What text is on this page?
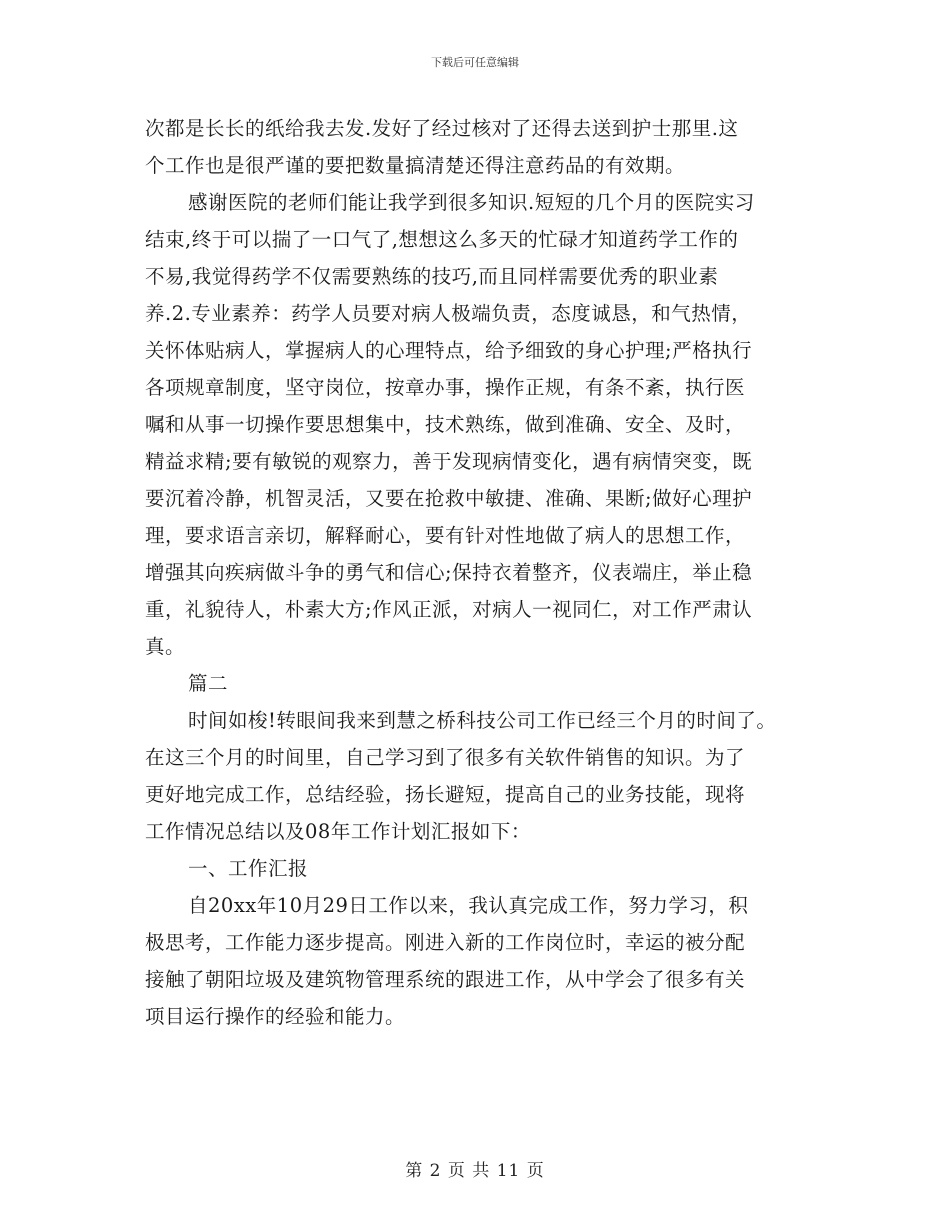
下载后可任意编辑
次都是长长的纸给我去发.发好了经过核对了还得去送到护士那里.这
个工作也是很严谨的要把数量搞清楚还得注意药品的有效期。
感谢医院的老师们能让我学到很多知识.短短的几个月的医院实习
结束,终于可以揣了一口气了,想想这么多天的忙碌才知道药学工作的
不易,我觉得药学不仅需要熟练的技巧,而且同样需要优秀的职业素
养.2.专业素养：药学人员要对病人极端负责，态度诚恳，和气热情，
关怀体贴病人，掌握病人的心理特点，给予细致的身心护理;严格执行
各项规章制度，坚守岗位，按章办事，操作正规，有条不紊，执行医
嘱和从事一切操作要思想集中，技术熟练，做到准确、安全、及时，
精益求精;要有敏锐的观察力，善于发现病情变化，遇有病情突变，既
要沉着冷静，机智灵活，又要在抢救中敏捷、准确、果断;做好心理护
理，要求语言亲切，解释耐心，要有针对性地做了病人的思想工作，
增强其向疾病做斗争的勇气和信心;保持衣着整齐，仪表端庄，举止稳
重，礼貌待人，朴素大方;作风正派，对病人一视同仁，对工作严肃认
真。
篇二
时间如梭!转眼间我来到慧之桥科技公司工作已经三个月的时间了。
在这三个月的时间里，自己学习到了很多有关软件销售的知识。为了
更好地完成工作，总结经验，扬长避短，提高自己的业务技能，现将
工作情况总结以及08年工作计划汇报如下：
一、工作汇报
自20xx年10月29日工作以来，我认真完成工作，努力学习，积
极思考，工作能力逐步提高。刚进入新的工作岗位时，幸运的被分配
接触了朝阳垃圾及建筑物管理系统的跟进工作，从中学会了很多有关
项目运行操作的经验和能力。
第 2 页 共 11 页
